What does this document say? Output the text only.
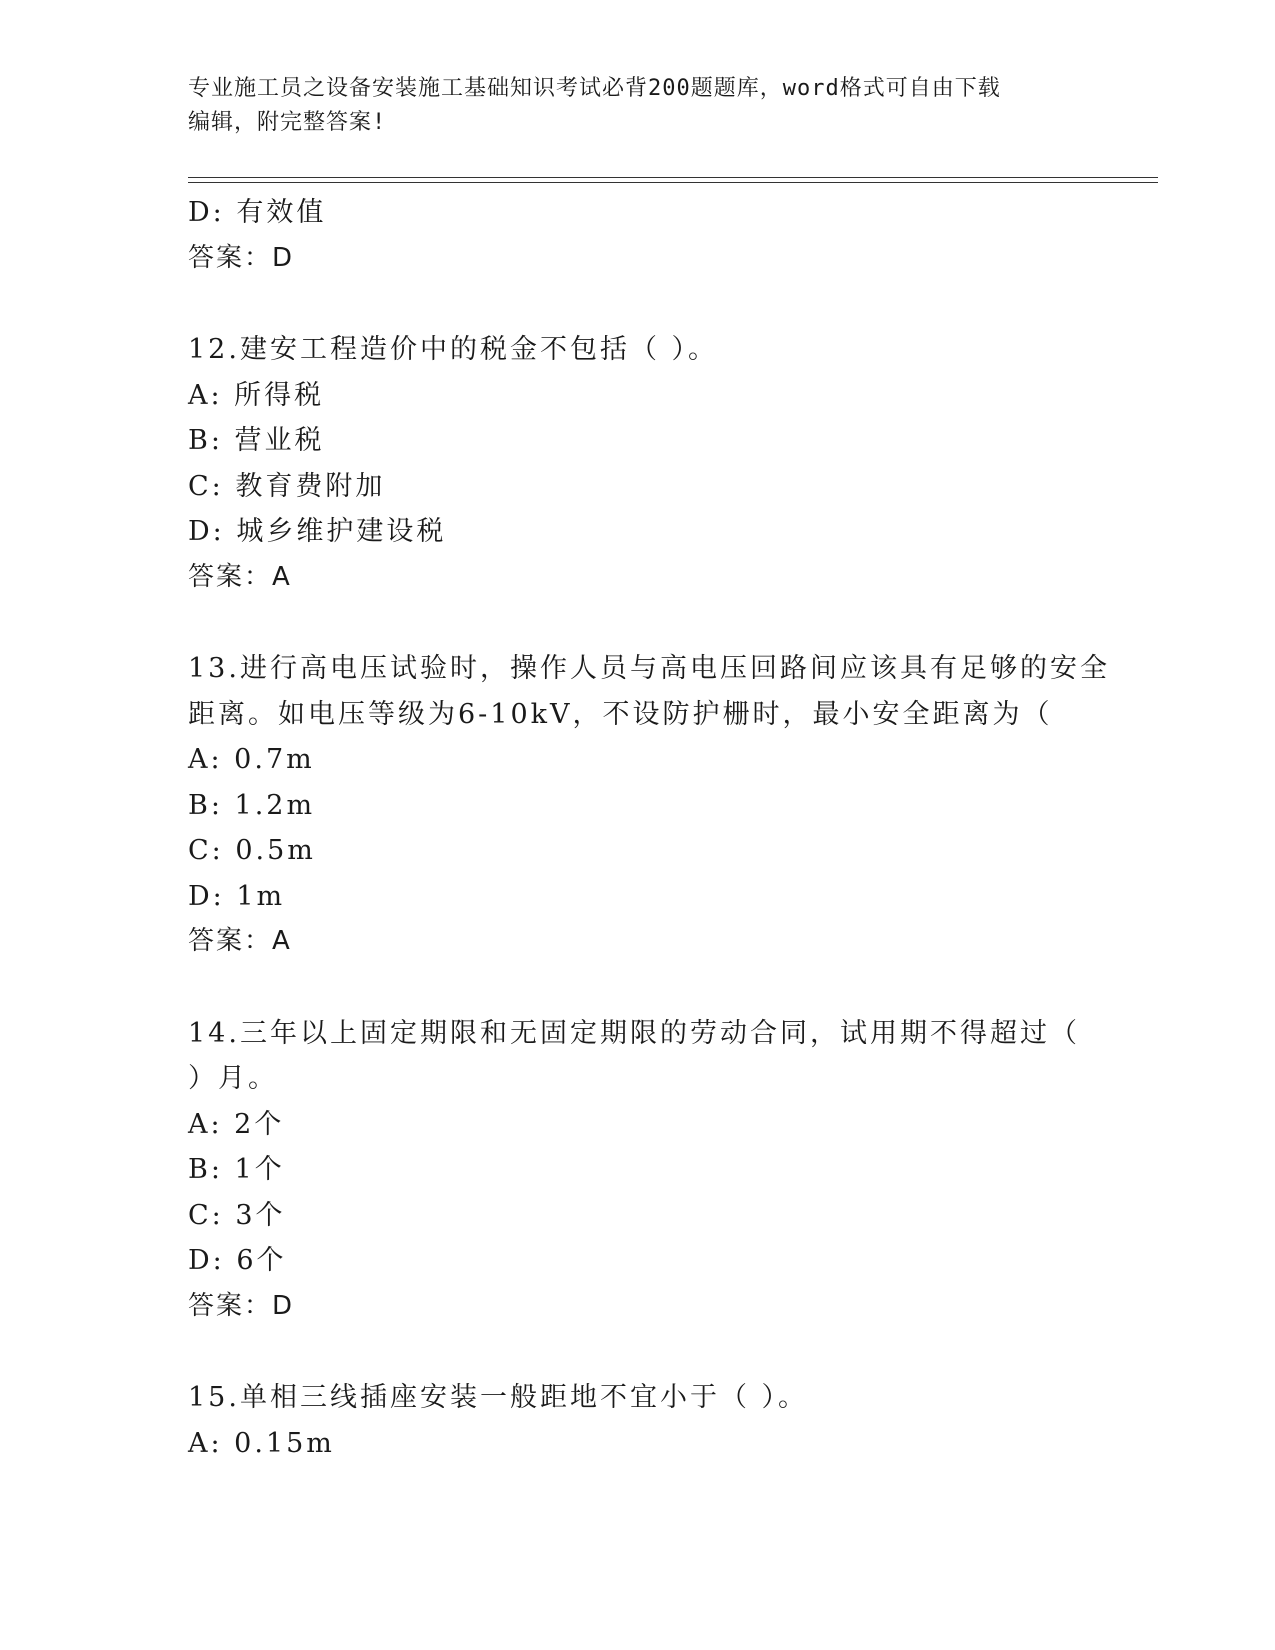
专业施工员之设备安装施工基础知识考试必背200题题库，word格式可自由下载
编辑，附完整答案!
D: 有效值
答案：D
12.建安工程造价中的税金不包括（ ）。
A: 所得税
B: 营业税
C: 教育费附加
D: 城乡维护建设税
答案：A
13.进行高电压试验时，操作人员与高电压回路间应该具有足够的安全
距离。如电压等级为6-10kV，不设防护栅时，最小安全距离为（
A: 0.7m
B: 1.2m
C: 0.5m
D: 1m
答案：A
14.三年以上固定期限和无固定期限的劳动合同，试用期不得超过（
）月。
A: 2个
B: 1个
C: 3个
D: 6个
答案：D
15.单相三线插座安装一般距地不宜小于（ ）。
A: 0.15m
